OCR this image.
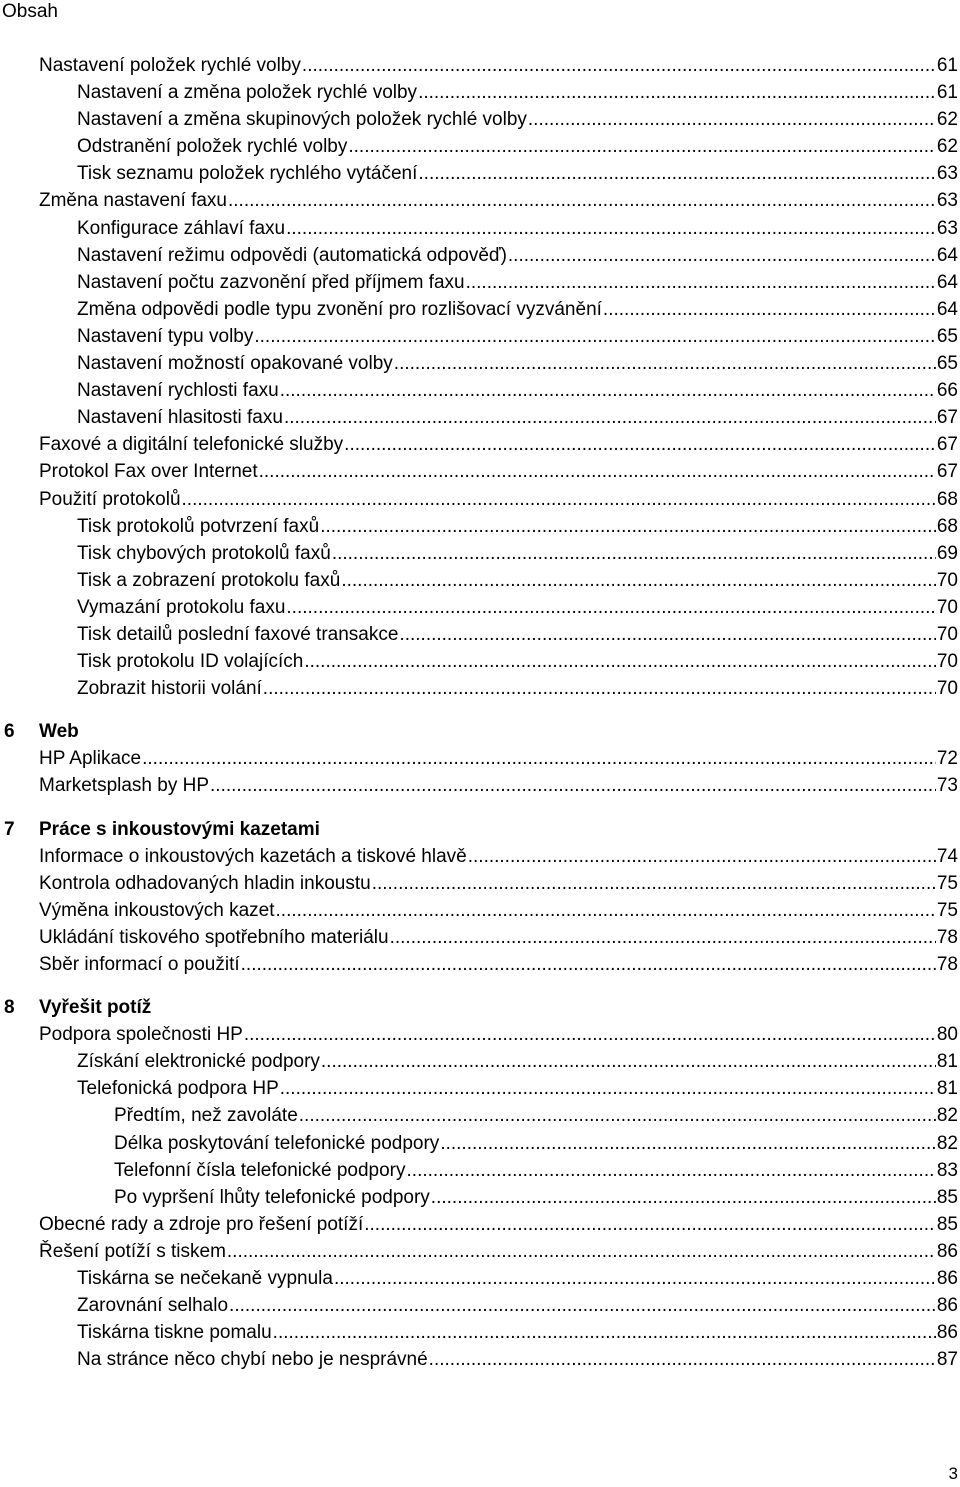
Obsah
Nastavení položek rychlé volby .....	61
Nastavení a změna položek rychlé volby .....	61
Nastavení a změna skupinových položek rychlé volby .....	62
Odstranění položek rychlé volby .....	62
Tisk seznamu položek rychlého vytáčení .....	63
Změna nastavení faxu .....	63
Konfigurace záhlaví faxu .....	63
Nastavení režimu odpovědi (automatická odpověď) .....	64
Nastavení počtu zazvonění před příjmem faxu .....	64
Změna odpovědi podle typu zvonění pro rozlišovací vyzvánění .....	64
Nastavení typu volby .....	65
Nastavení možností opakované volby .....	65
Nastavení rychlosti faxu .....	66
Nastavení hlasitosti faxu .....	67
Faxové a digitální telefonické služby .....	67
Protokol Fax over Internet .....	67
Použití protokolů .....	68
Tisk protokolů potvrzení faxů .....	68
Tisk chybových protokolů faxů .....	69
Tisk a zobrazení protokolu faxů .....	70
Vymazání protokolu faxu .....	70
Tisk detailů poslední faxové transakce .....	70
Tisk protokolu ID volajících .....	70
Zobrazit historii volání .....	70
6 Web
HP Aplikace .....	72
Marketsplash by HP .....	73
7 Práce s inkoustovými kazetami
Informace o inkoustových kazetách a tiskové hlavě .....	74
Kontrola odhadovaných hladin inkoustu .....	75
Výměna inkoustových kazet .....	75
Ukládání tiskového spotřebního materiálu .....	78
Sběr informací o použití .....	78
8 Vyřešit potíž
Podpora společnosti HP .....	80
Získání elektronické podpory .....	81
Telefonická podpora HP .....	81
Předtím, než zavoláte .....	82
Délka poskytování telefonické podpory .....	82
Telefonní čísla telefonické podpory .....	83
Po vypršení lhůty telefonické podpory .....	85
Obecné rady a zdroje pro řešení potíží .....	85
Řešení potíží s tiskem .....	86
Tiskárna se nečekaně vypnula .....	86
Zarovnání selhalo .....	86
Tiskárna tiskne pomalu .....	86
Na stránce něco chybí nebo je nesprávné .....	87
3
